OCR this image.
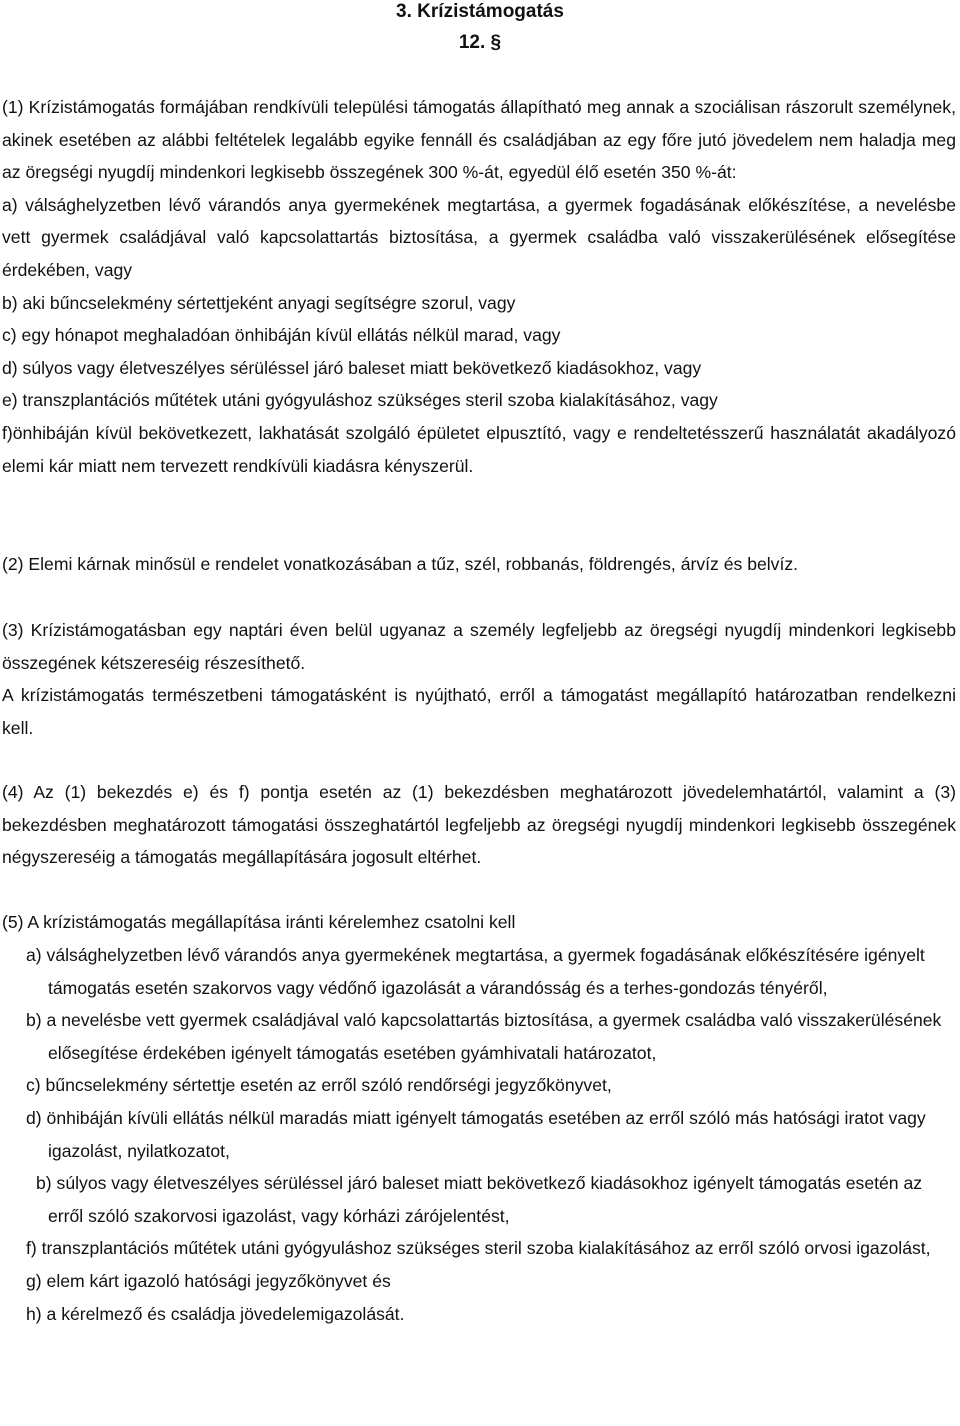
3. Krízistámogatás
12. §

(1) Krízistámogatás formájában rendkívüli települési támogatás állapítható meg annak a szociálisan rászorult személynek, akinek esetében az alábbi feltételek legalább egyike fennáll és családjában az egy főre jutó jövedelem nem haladja meg az öregségi nyugdíj mindenkori legkisebb összegének 300 %-át, egyedül élő esetén 350 %-át:

a) válsághelyzetben lévő várandós anya gyermekének megtartása, a gyermek fogadásának előkészítése, a nevelésbe vett gyermek családjával való kapcsolattartás biztosítása, a gyermek családba való visszakerülésének elősegítése érdekében, vagy

b) aki bűncselekmény sértettjeként anyagi segítségre szorul, vagy

c) egy hónapot meghaladóan önhibáján kívül ellátás nélkül marad, vagy

d) súlyos vagy életveszélyes sérüléssel járó baleset miatt bekövetkező kiadásokhoz, vagy

e) transzplantációs műtétek utáni gyógyuláshoz szükséges steril szoba kialakításához, vagy

f)önhibáján kívül bekövetkezett, lakhatását szolgáló épületet elpusztító, vagy e rendeltetésszerű használatát akadályozó elemi kár miatt nem tervezett rendkívüli kiadásra kényszerül.

(2) Elemi kárnak minősül e rendelet vonatkozásában a tűz, szél, robbanás, földrengés, árvíz és belvíz.

(3) Krízistámogatásban egy naptári éven belül ugyanaz a személy legfeljebb az öregségi nyugdíj mindenkori legkisebb összegének kétszereséig részesíthető.

A krízistámogatás természetbeni támogatásként is nyújtható, erről a támogatást megállapító határozatban rendelkezni kell.

(4) Az (1) bekezdés e) és f) pontja esetén az (1) bekezdésben meghatározott jövedelemhatártól, valamint a (3) bekezdésben meghatározott támogatási összeghatártól legfeljebb az öregségi nyugdíj mindenkori legkisebb összegének négyszereséig a támogatás megállapítására jogosult eltérhet.

(5) A krízistámogatás megállapítása iránti kérelemhez csatolni kell

a) válsághelyzetben lévő várandós anya gyermekének megtartása, a gyermek fogadásának előkészítésére igényelt támogatás esetén szakorvos vagy védőnő igazolását a várandósság és a terhes-gondozás tényéről,
b) a nevelésbe vett gyermek családjával való kapcsolattartás biztosítása, a gyermek családba való visszakerülésének elősegítése érdekében igényelt támogatás esetében gyámhivatali határozatot,
c) bűncselekmény sértettje esetén az erről szóló rendőrségi jegyzőkönyvet,
d) önhibáján kívüli ellátás nélkül maradás miatt igényelt támogatás esetében az erről szóló más hatósági iratot vagy igazolást, nyilatkozatot,
b) súlyos vagy életveszélyes sérüléssel járó baleset miatt bekövetkező kiadásokhoz igényelt támogatás esetén az erről szóló szakorvosi igazolást, vagy kórházi zárójelentést,
f) transzplantációs műtétek utáni gyógyuláshoz szükséges steril szoba kialakításához az erről szóló orvosi igazolást,
g) elem kárt igazoló hatósági jegyzőkönyvet és
h) a kérelmező és családja jövedelemigazolását.
